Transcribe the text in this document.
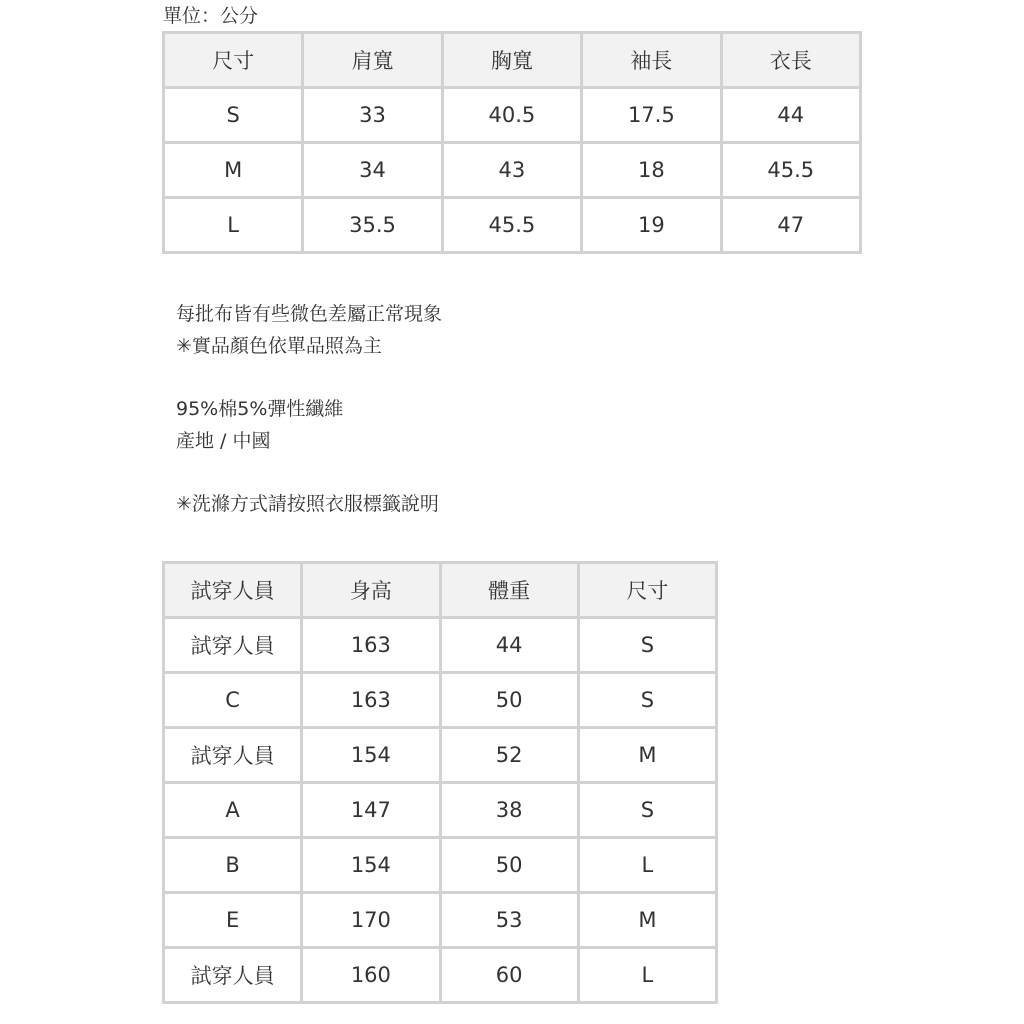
單位：公分
尺寸	肩寬	胸寬	袖長	衣長
S	33	40.5	17.5	44
M	34	43	18	45.5
L	35.5	45.5	19	47
每批布皆有些微色差屬正常現象
✳實品顏色依單品照為主
95%棉5%彈性纖維
產地 / 中國
✳洗滌方式請按照衣服標籤說明
試穿人員	身高	體重	尺寸
試穿人員	163	44	S
C	163	50	S
試穿人員	154	52	M
A	147	38	S
B	154	50	L
E	170	53	M
試穿人員	160	60	L
